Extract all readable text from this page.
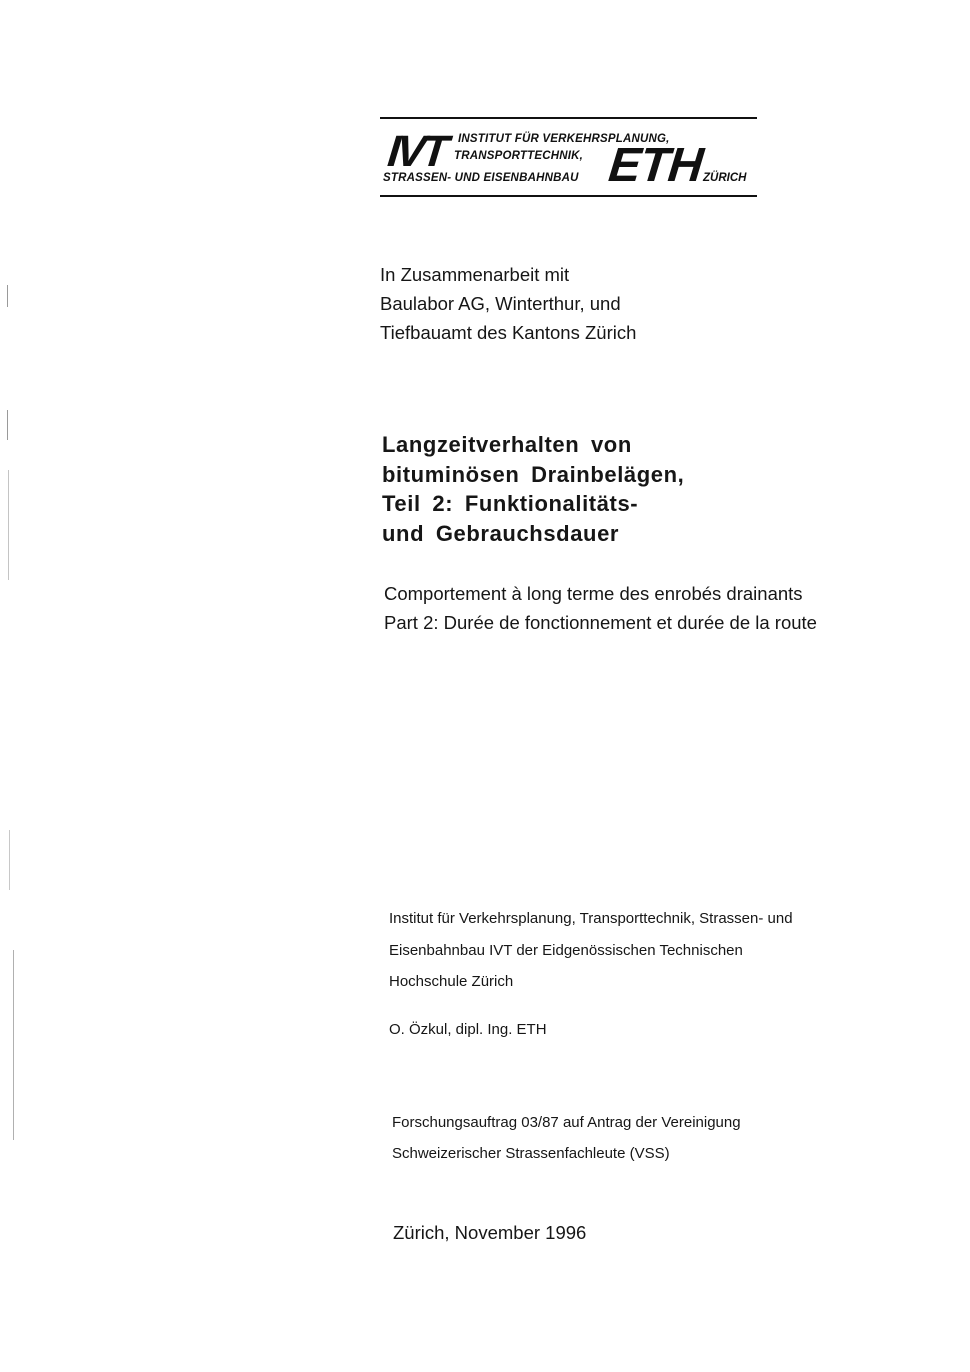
IVT INSTITUT FÜR VERKEHRSPLANUNG,
TRANSPORTTECHNIK,
STRASSEN- UND EISENBAHNBAU ETH
ZÜRICH
In Zusammenarbeit mit
Baulabor AG, Winterthur, und
Tiefbauamt des Kantons Zürich
Langzeitverhalten von
bituminösen Drainbelägen,
Teil 2: Funktionalitäts-
und Gebrauchsdauer
Comportement à long terme des enrobés drainants
Part 2: Durée de fonctionnement et durée de la route
Institut für Verkehrsplanung, Transporttechnik, Strassen- und
Eisenbahnbau IVT der Eidgenössischen Technischen
Hochschule Zürich
O. Özkul, dipl. Ing. ETH
Forschungsauftrag 03/87 auf Antrag der Vereinigung
Schweizerischer Strassenfachleute (VSS)
Zürich, November 1996
